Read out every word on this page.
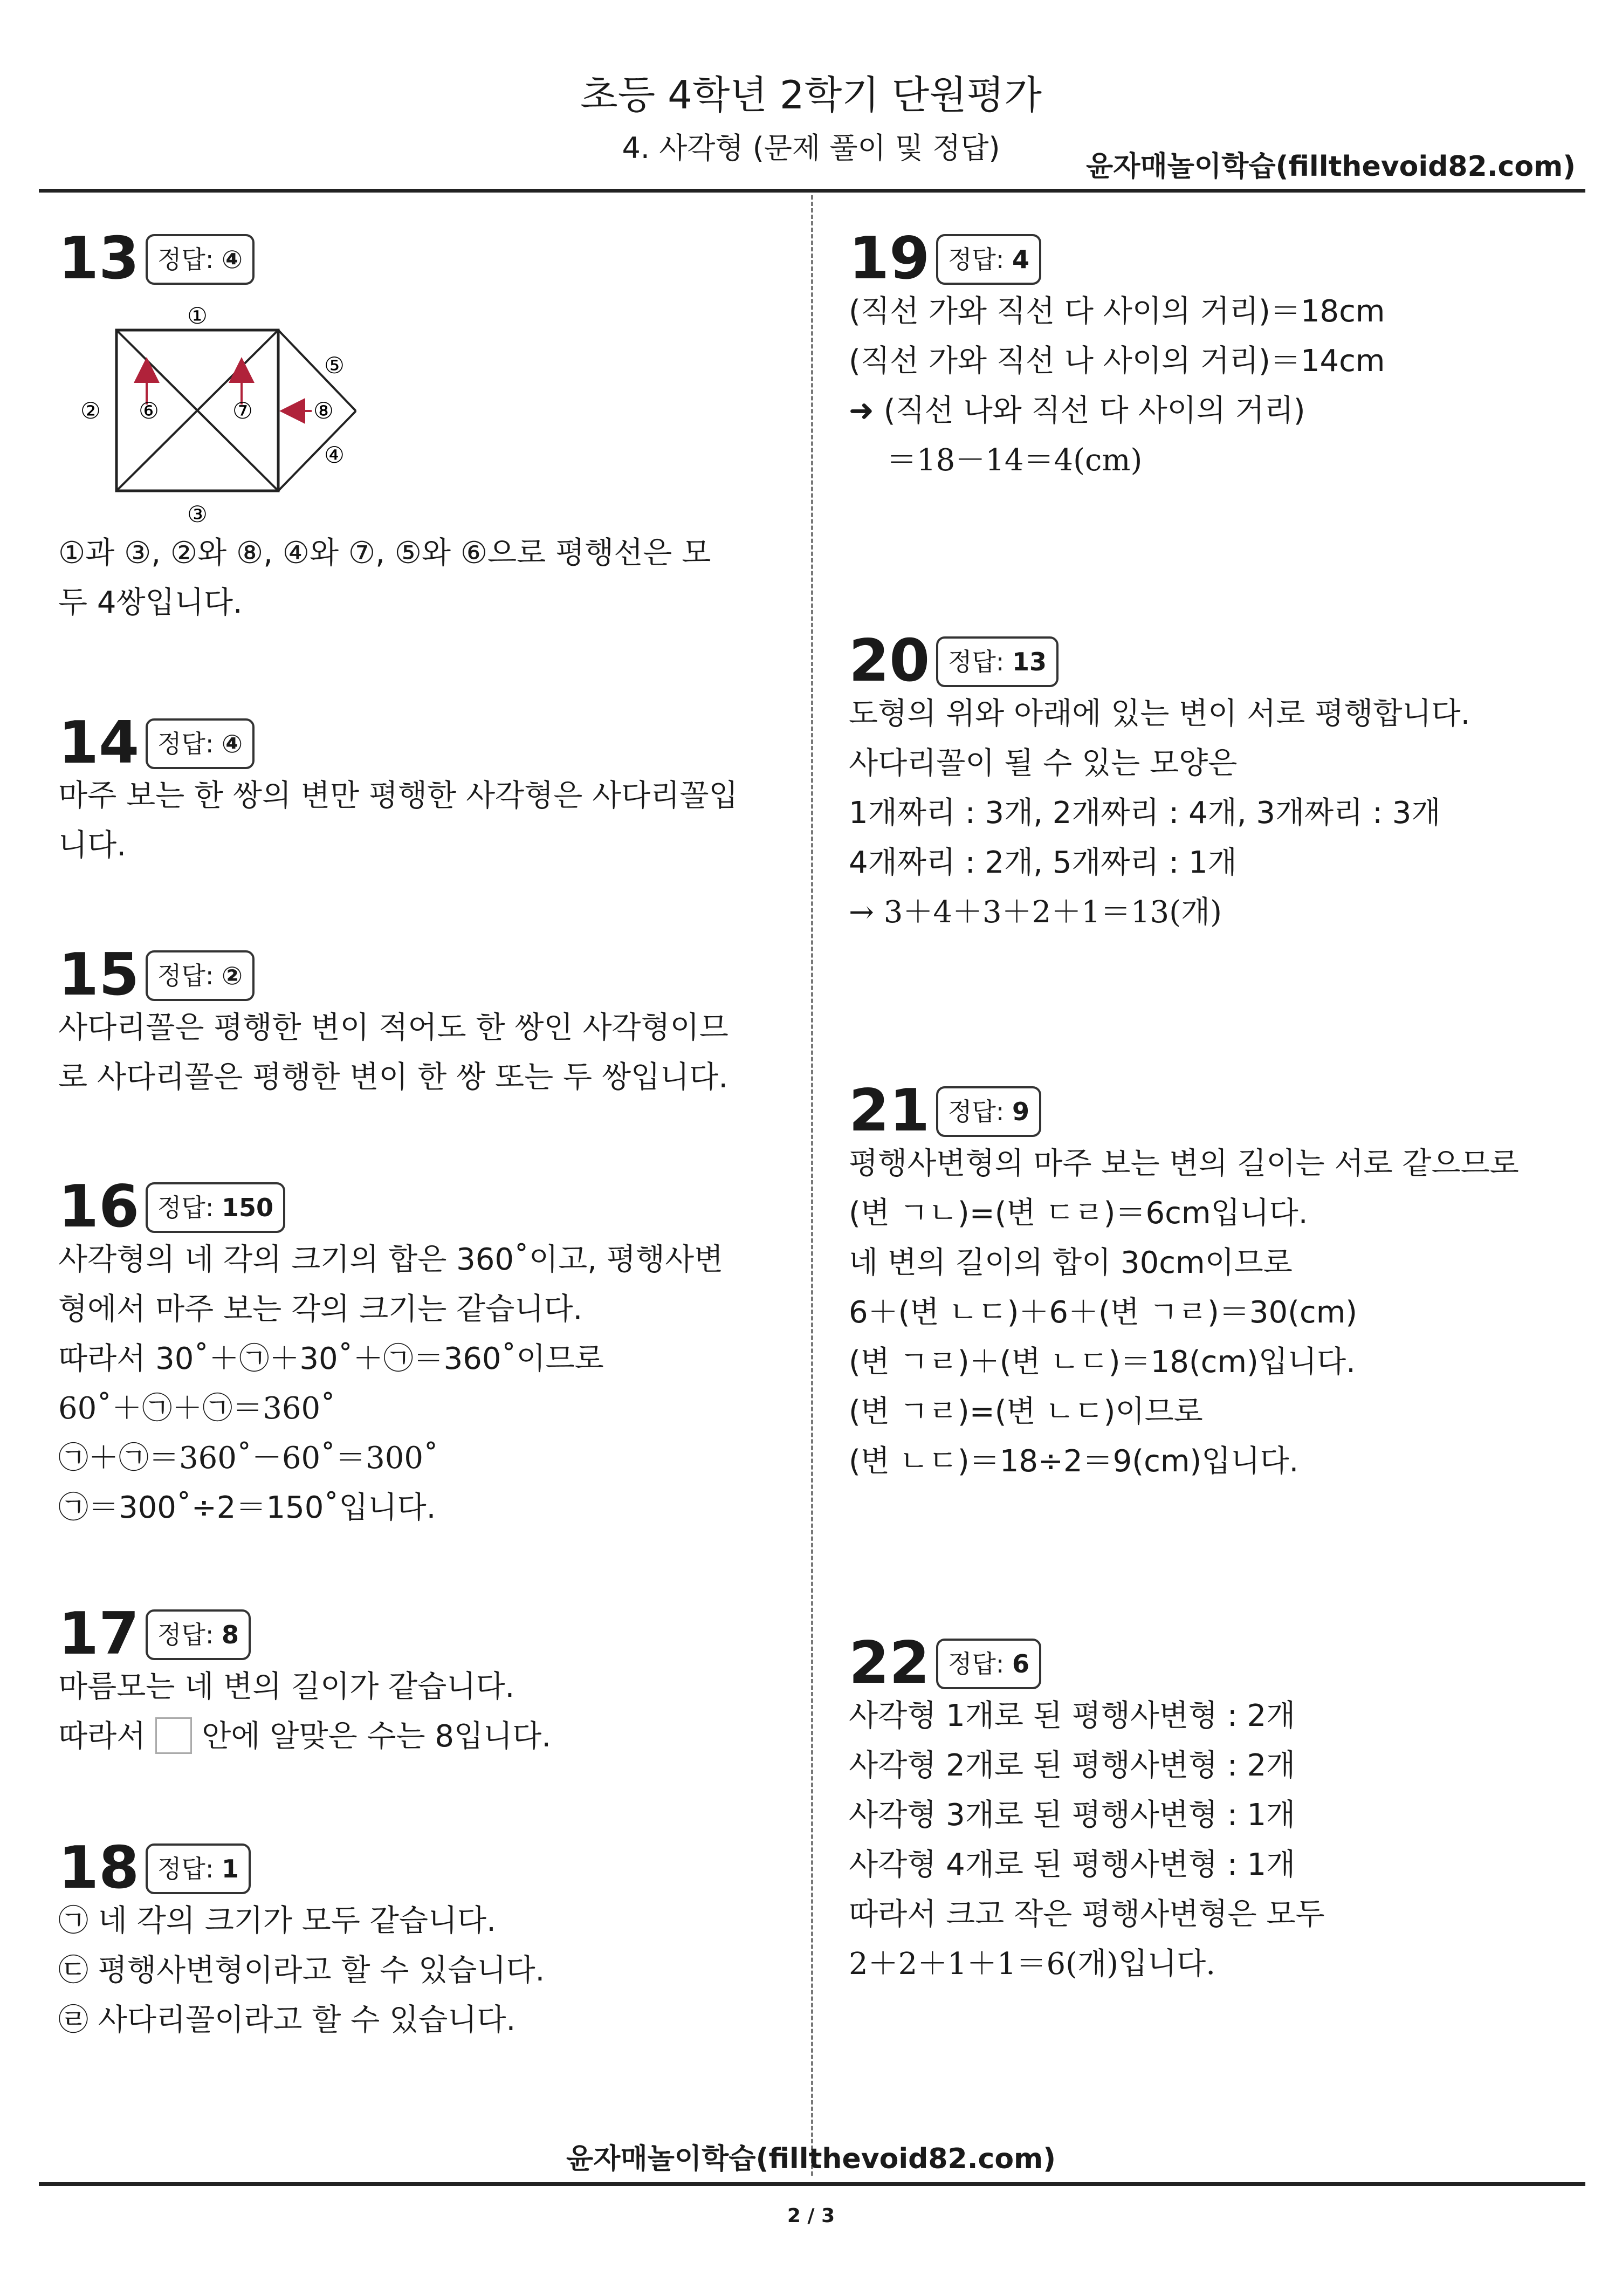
초등 4학년 2학기 단원평가
4. 사각형 (문제 풀이 및 정답)
윤자매놀이학습(fillthevoid82.com)
13 정답: ④
①
⑤
② ⑥	⑦	⑧
④
③
①과 ③, ②와 ⑧, ④와 ⑦, ⑤와 ⑥으로 평행선은 모
두 4쌍입니다.
14 정답: ④
마주 보는 한 쌍의 변만 평행한 사각형은 사다리꼴입
니다.
15 정답: ②
사다리꼴은 평행한 변이 적어도 한 쌍인 사각형이므
로 사다리꼴은 평행한 변이 한 쌍 또는 두 쌍입니다.
16 정답: 150
사각형의 네 각의 크기의 합은 360˚이고, 평행사변
형에서 마주 보는 각의 크기는 같습니다.
따라서 30˚＋㉠＋30˚＋㉠＝360˚이므로
60˚＋㉠＋㉠＝360˚
㉠＋㉠＝360˚－60˚＝300˚
㉠＝300˚÷2＝150˚입니다.
17 정답: 8
마름모는 네 변의 길이가 같습니다.
따라서 안에 알맞은 수는 8입니다.
18 정답: 1
㉠ 네 각의 크기가 모두 같습니다.
㉢ 평행사변형이라고 할 수 있습니다.
㉣ 사다리꼴이라고 할 수 있습니다.
19 정답: 4
(직선 가와 직선 다 사이의 거리)＝18cm
(직선 가와 직선 나 사이의 거리)＝14cm
➜ (직선 나와 직선 다 사이의 거리)
＝18－14＝4(cm)
20 정답: 13
도형의 위와 아래에 있는 변이 서로 평행합니다.
사다리꼴이 될 수 있는 모양은
1개짜리 : 3개, 2개짜리 : 4개, 3개짜리 : 3개
4개짜리 : 2개, 5개짜리 : 1개
→ 3＋4＋3＋2＋1＝13(개)
21 정답: 9
평행사변형의 마주 보는 변의 길이는 서로 같으므로
(변 ㄱㄴ)=(변 ㄷㄹ)＝6cm입니다.
네 변의 길이의 합이 30cm이므로
6＋(변 ㄴㄷ)＋6＋(변 ㄱㄹ)＝30(cm)
(변 ㄱㄹ)＋(변 ㄴㄷ)＝18(cm)입니다.
(변 ㄱㄹ)=(변 ㄴㄷ)이므로
(변 ㄴㄷ)＝18÷2＝9(cm)입니다.
22 정답: 6
사각형 1개로 된 평행사변형 : 2개
사각형 2개로 된 평행사변형 : 2개
사각형 3개로 된 평행사변형 : 1개
사각형 4개로 된 평행사변형 : 1개
따라서 크고 작은 평행사변형은 모두
2＋2＋1＋1＝6(개)입니다.
윤자매놀이학습(fillthevoid82.com)
2 / 3
